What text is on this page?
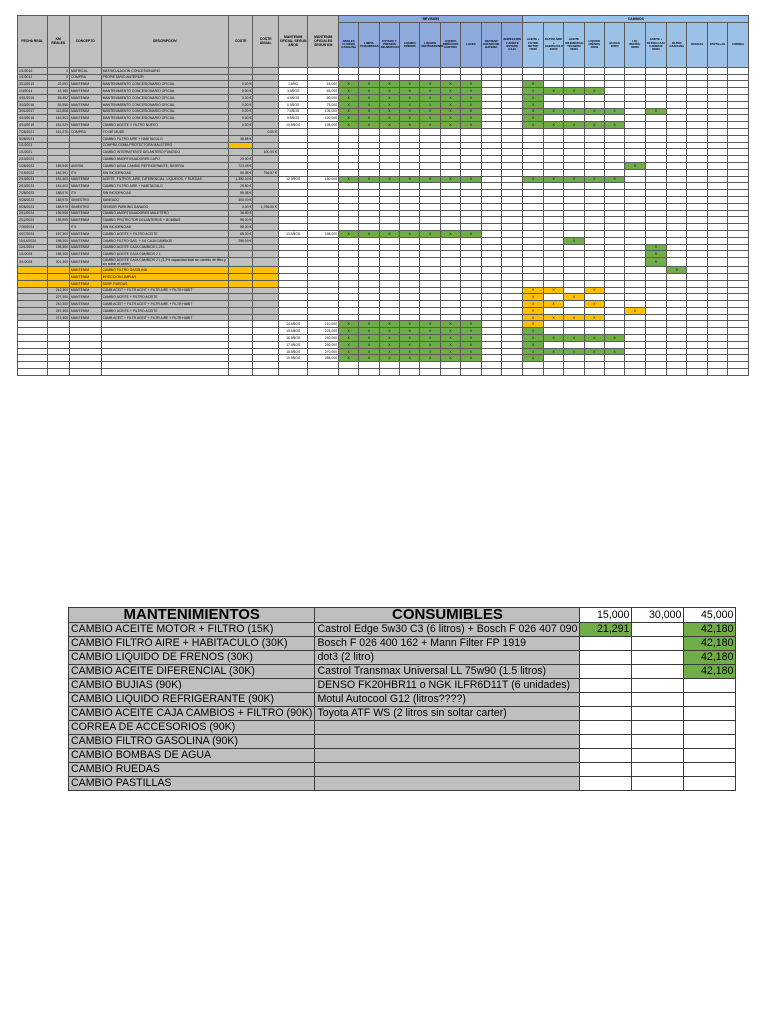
FECHA REAL	KM REALES	CONCEPTO	DESCRIPCION	COSTE	COSTE ANUAL	MANTENIM OFICIAL SEGUN AÑOS	MANTENIM OFICIALES SEGUN KM	REVISION									CAMBIOS										
								NIVELES FLUIDOS GASOLINA	LIMPIA PARABRISAS	ESTADO Y PRESION NEUMATICOS	LIQUIDO FRENOS	LIQUIDO REFRIGERANTE	LIQUIDO DIRECCION ASISTIDA	LUCES	REVISAR ESTADO DE BATERIA	INSPECCION Y ACEITE ESTADO CAJA	ACEITE + FILTRO MOTOR 15000	FILTRO AIRE + HABITACULO 30000	ACEITE DIFERENCIAL TRASERO 30000	LIQUIDO FRENOS 30000	BUJIAS 90000	LIQ. REFRIG. 90000	ACEITE + FILTRO CAJA CAMBIOS 90000	FILTRO GASOLINA	RUEDAS	PASTILLAS	CORREA
1/1/2010	0	MATRICUL	MATRICULACION CONCESIONARIO																								
1/1/2012	0	COMPRA	PROPIETARIO ANTERIOR																								
3/12/2013	22,091	MANTENIM	MANTENIMIENTO CONCESIONARIO OFICIAL	0.00 €		1 AÑO	15,000	X	X	X	X	X	X	X			X										
1/4/2014	42,180	MANTENIM	MANTENIMIENTO CONCESIONARIO OFICIAL	0.00 €		3 AÑOS	45,000	X	X	X	X	X	X	X			X	X	X	X							
4/01/2015	55,492	MANTENIM	MANTENIMIENTO CONCESIONARIO OFICIAL	0.00 €		4 AÑOS	60,000	X	X	X	X	X	X	X			X										
3/03/2016	81,956	MANTENIM	MANTENIMIENTO CONCESIONARIO OFICIAL	0.00 €		5 AÑOS	75,000	X	X	X	X	X	X	X			X										
3/01/2017	112,808	MANTENIM	MANTENIMIENTO CONCESIONARIO OFICIAL	0.00 €		7 AÑOS	105,000	X	X	X	X	X	X	X			X	X	X	X	X		X				
4/10/2018	143,301	MANTENIM	MANTENIMIENTO CONCESIONARIO OFICIAL	0.00 €		9 AÑOS	120,000	X	X	X	X	X	X	X			X										
4/10/2019	161,029	MANTENIM	CAMBIO ACEITE Y FILTRO NUEVO	0.00 €		10 AÑOS	135,000	X	X	X	X	X	X	X			X	X	X	X	X						
7/28/2021	161,076	COMPRA	YO ME MUDE		0.00 €																						
9/28/2021			CAMBIO FILTRO AIRE + HABITACULO	38.88 €																							
1/1/2021			COMPRA GOMA PROTECTORA MALETERO																								
1/1/2021			CAMBIO INTERMITENTE DELANTERO FUNDIDO		100.00 €																						
2/10/2022			CAMBIO AMORTIGUADORES CAPO	20.00 €																							
1/28/2022	189,545	AVERIA	CAMBIO AGUA CAMBIO REFRIGERANTE, BATERIA	723.49 €																		X					
7/19/2022	181,391	ITV	SIN INCIDENCIAS	55.38 €	756.57 €																						
2/13/2023	181,403	MANTENIM	ACEITE, FILTROS, AIRE, DIFERENCIAL, LIQUIDOS, Y RUEDAS	1,392.00 €		12 AÑOS	180,000	X	X	X	X	X	X	X			X	X	X	X	X						
2/13/2023	181,403	MANTENIM	CAMBIO FILTRO AIRE + HABITACULO	25.80 €																							
7/28/2023	188,579	ITV	SIN INCIDENCIAS	55.38 €																							
9/28/2023	188,975	SINIESTRO	SANEADO	300.00 €																							
9/28/2023	188,975	SINIESTRO	SENSOR PARKING DANADO	0.00 €	1,796.00 €																						
2/12/2024	195,905	MANTENIM	CAMBIO AMORTIGUADORES MALETERO	38.80 €																							
2/12/2024	195,905	MANTENIM	CAMBIO PROTECTOR DELANTEROS + BOMBAS	95.00 €																							
7/30/2024		ITV	SIN INCIDENCIAS	55.00 €																							
4/27/2024	197,300	MANTENIM	CAMBIO ACEITE + FILTRO ACEITE	65.00 €		13 AÑOS	195,000	X	X	X	X	X	X	X													
10/14/2024	198,300	MANTENIM	CAMBIO FILTRO GAS. + 4.6 CAJA CAMBIOS	250.00 €															X								
12/1/2024	198,300	MANTENIM	CAMBIO ACEITE CAJA CAMBIOS 1.25 L																				X				
1/1/2025	198,300	MANTENIM	CAMBIO ACEITE CAJA CAMBIOS 2 L																				X				
3/1/2025	201,300	MANTENIM	CAMBIO ACEITE CAJA CAMBIOS 2 L (2.2% capacidad total sin cambio de filtro y sin soltar el carter)																				X				
		MANTENIM	CAMBIO FILTRO GASOLINA																					X			
		MANTENIM	INYECCION LIMPIAR																								
		MANTENIM	SUSP. RUEDAS																								
	212,300	MANTENIM	CAMB ACEIT + FILTR ACEIT + FILTR AIRE + FILTR HABIT														X	X		X							
	227,300	MANTENIM	CAMBIO ACEITE + FILTRO ACEITE														X		X								
	242,300	MANTENIM	CAMB ACEIT + FILTR ACEIT + FILTR AIRE + FILTR HABIT														X	X		X							
	257,300	MANTENIM	CAMBIO ACEITE + FILTRO ACEITE														X					X					
	272,300	MANTENIM	CAMB ACEIT + FILTR ACEIT + FILTR AIRE + FILTR HABIT														X	X	X	X							
						14 AÑOS	210,000	X	X	X	X	X	X	X			X										
						15 AÑOS	225,000	X	X	X	X	X	X	X			X										
						16 AÑOS	240,000	X	X	X	X	X	X	X			X	X	X	X	X						
						17 AÑOS	255,000	X	X	X	X	X	X	X			X										
						18 AÑOS	270,000	X	X	X	X	X	X	X			X	X	X	X	X						
						19 AÑOS	285,000	X	X	X	X	X	X	X			X										

MANTENIMIENTOS	CONSUMIBLES	15,000	30,000	45,000
CAMBIO ACEITE MOTOR + FILTRO (15K)	Castrol Edge 5w30 C3 (6 litros) + Bosch F 026 407 090	21,291		42,180
CAMBIO FILTRO AIRE + HABITACULO (30K)	Bosch F 026 400 162 + Mann Filter FP 1919			42,180
CAMBIO LIQUIDO DE FRENOS (30K)	dot3 (2 litro)			42,180
CAMBIO ACEITE DIFERENCIAL (30K)	Castrol Transmax Universal LL 75w90 (1.5 litros)			42,180
CAMBIO BUJIAS (90K)	DENSO FK20HBR11 o NGK ILFR6D11T (6 unidades)			
CAMBIO LIQUIDO REFRIGERANTE (90K)	Motul Autocool G12 (litros????)			
CAMBIO ACEITE CAJA CAMBIOS + FILTRO (90K)	Toyota ATF WS (2 litros sin soltar carter)			
CORREA DE ACCESORIOS (90K)				
CAMBIO FILTRO GASOLINA (90K)				
CAMBIO BOMBAS DE AGUA				
CAMBIO RUEDAS				
CAMBIO PASTILLAS				
